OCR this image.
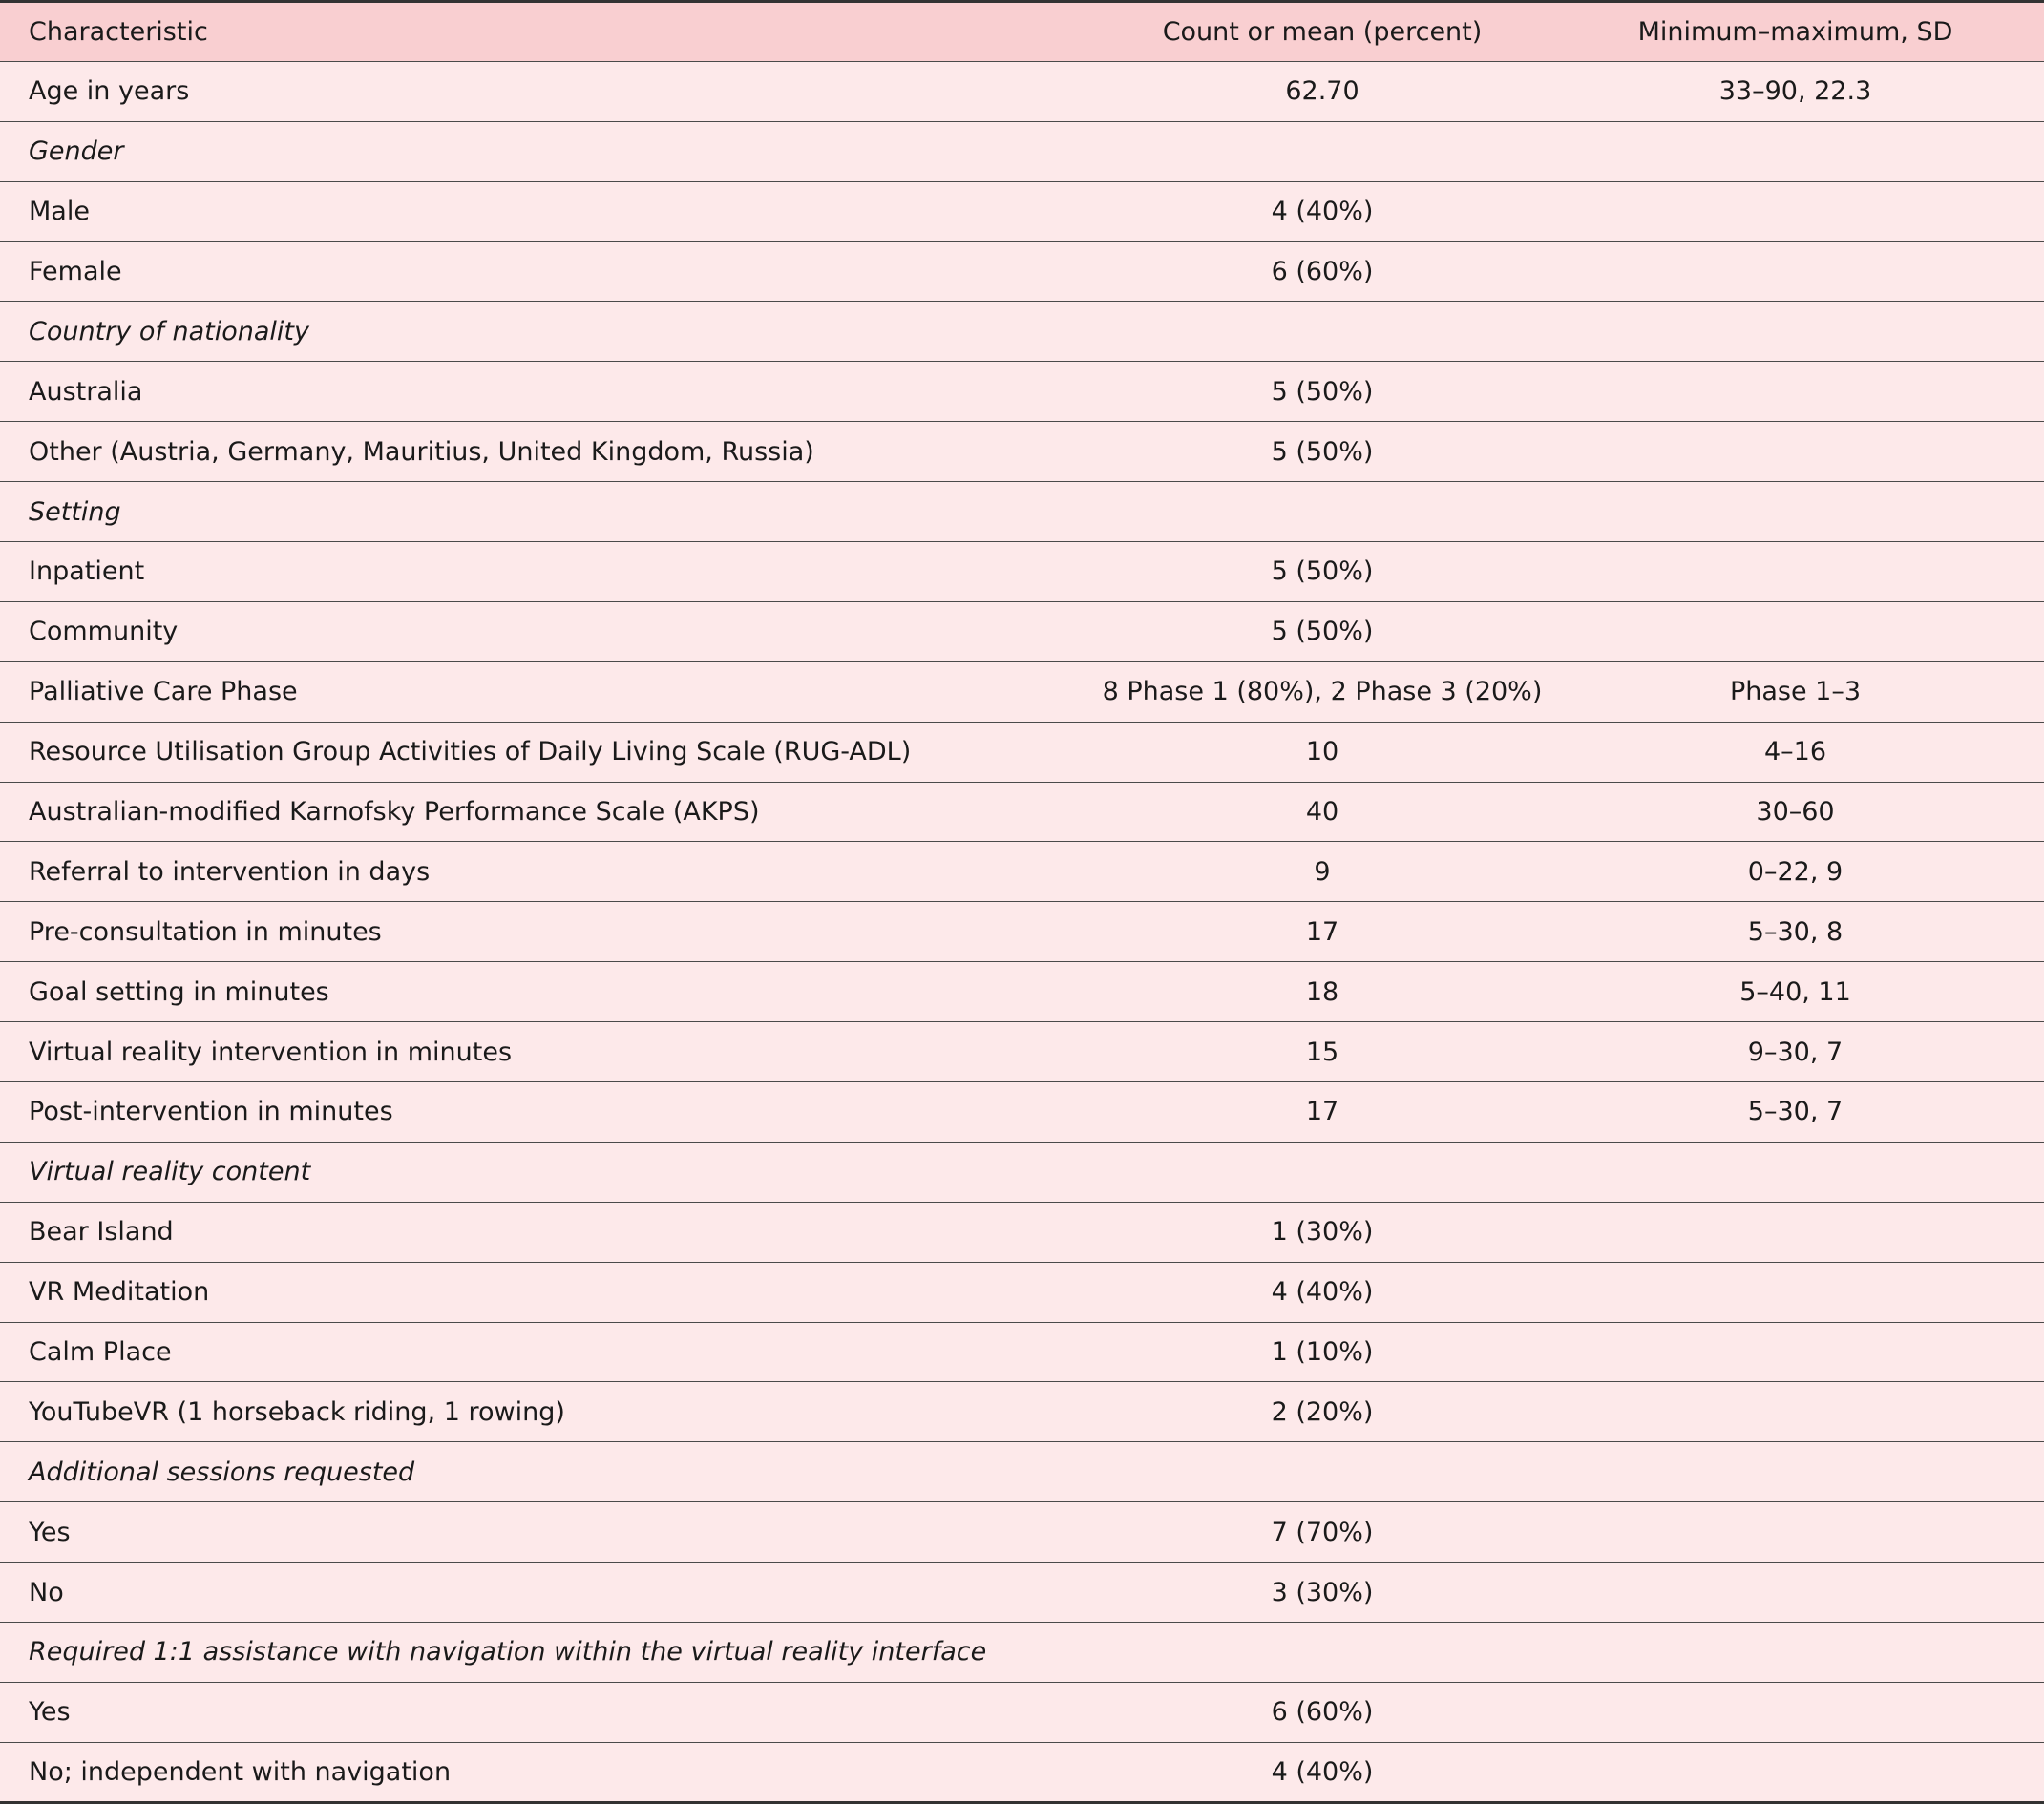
Characteristic	Count or mean (percent)	Minimum–maximum, SD
Age in years	62.70	33–90, 22.3
Gender		
Male	4 (40%)	
Female	6 (60%)	
Country of nationality		
Australia	5 (50%)	
Other (Austria, Germany, Mauritius, United Kingdom, Russia)	5 (50%)	
Setting		
Inpatient	5 (50%)	
Community	5 (50%)	
Palliative Care Phase	8 Phase 1 (80%), 2 Phase 3 (20%)	Phase 1–3
Resource Utilisation Group Activities of Daily Living Scale (RUG-ADL)	10	4–16
Australian-modified Karnofsky Performance Scale (AKPS)	40	30–60
Referral to intervention in days	9	0–22, 9
Pre-consultation in minutes	17	5–30, 8
Goal setting in minutes	18	5–40, 11
Virtual reality intervention in minutes	15	9–30, 7
Post-intervention in minutes	17	5–30, 7
Virtual reality content		
Bear Island	1 (30%)	
VR Meditation	4 (40%)	
Calm Place	1 (10%)	
YouTubeVR (1 horseback riding, 1 rowing)	2 (20%)	
Additional sessions requested		
Yes	7 (70%)	
No	3 (30%)	
Required 1:1 assistance with navigation within the virtual reality interface		
Yes	6 (60%)	
No; independent with navigation	4 (40%)	
